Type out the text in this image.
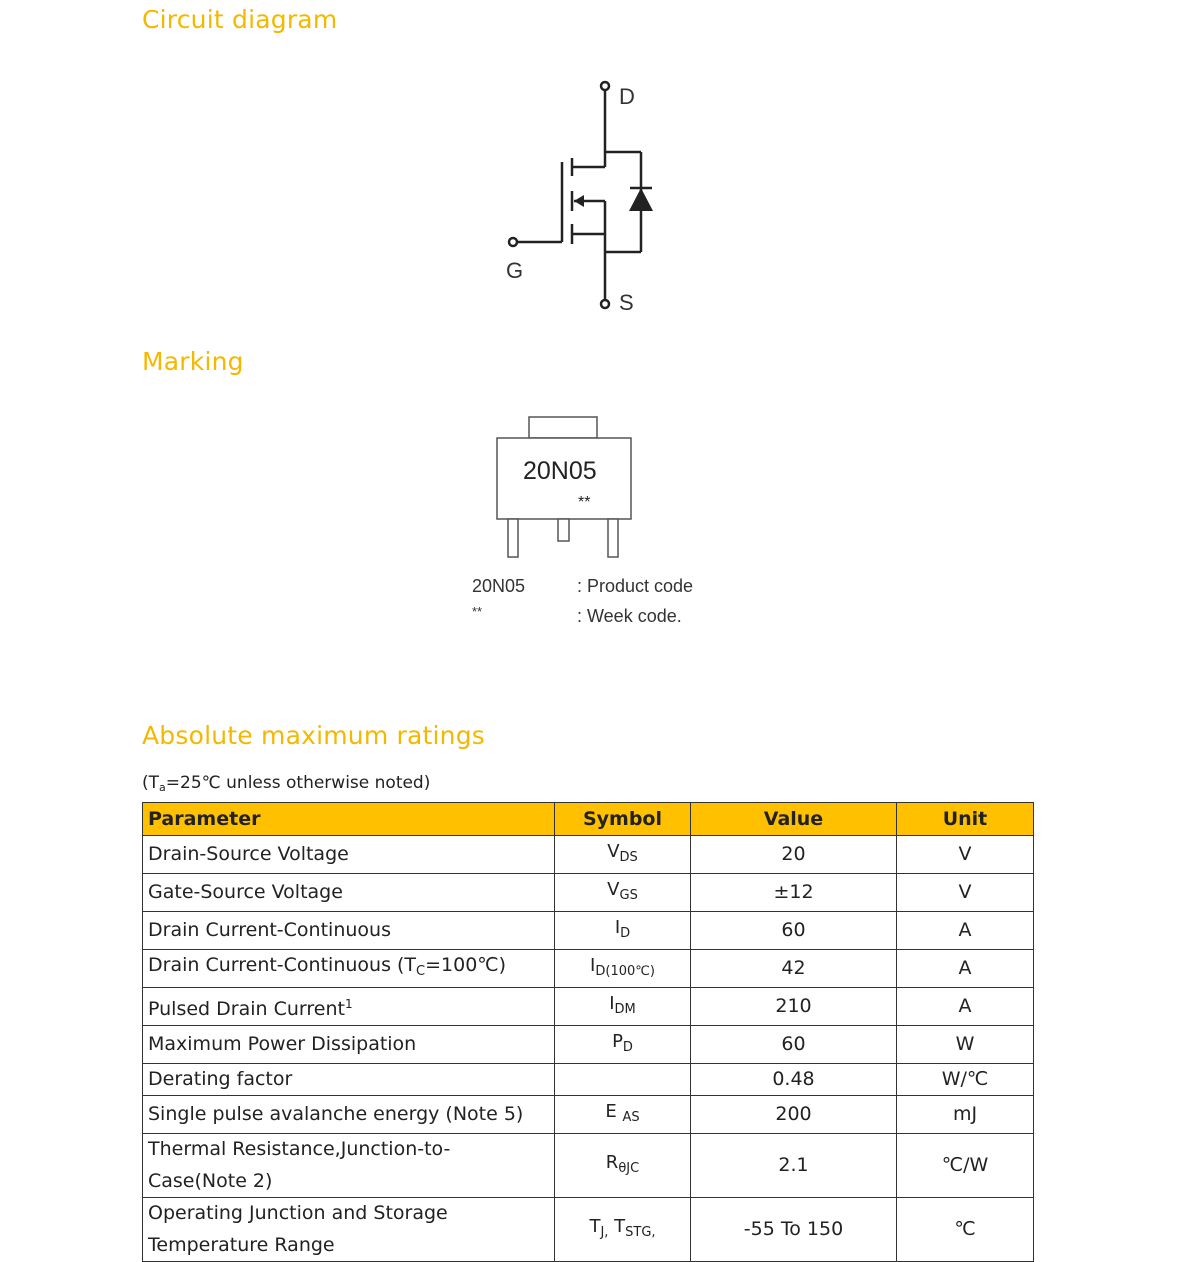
Circuit diagram
Marking
Absolute maximum ratings
D
G
S
20N05
**
20N05	: Product code
**	: Week code.
($T_a=25℃$ unless otherwise noted)
Parameter	Symbol	Value	Unit
Drain-Source Voltage	$V_{DS}$	20	V
Gate-Source Voltage	$V_{GS}$	±12	V
Drain Current-Continuous	$I_D$	60	A
Drain Current-Continuous $(T_C=100℃)$	$I_{D(100℃)}$	42	A
Pulsed Drain Current$^1$	$I_{DM}$	210	A
Maximum Power Dissipation	$P_D$	60	W
Derating factor		0.48	W/℃
Single pulse avalanche energy (Note 5)	E $_{AS}$	200	mJ
Thermal Resistance,Junction-to-Case(Note 2)	$R_{\theta JC}$	2.1	℃/W
Operating Junction and Storage Temperature Range	$T_{J,}$ $T_{STG,}$	-55 To 150	℃
